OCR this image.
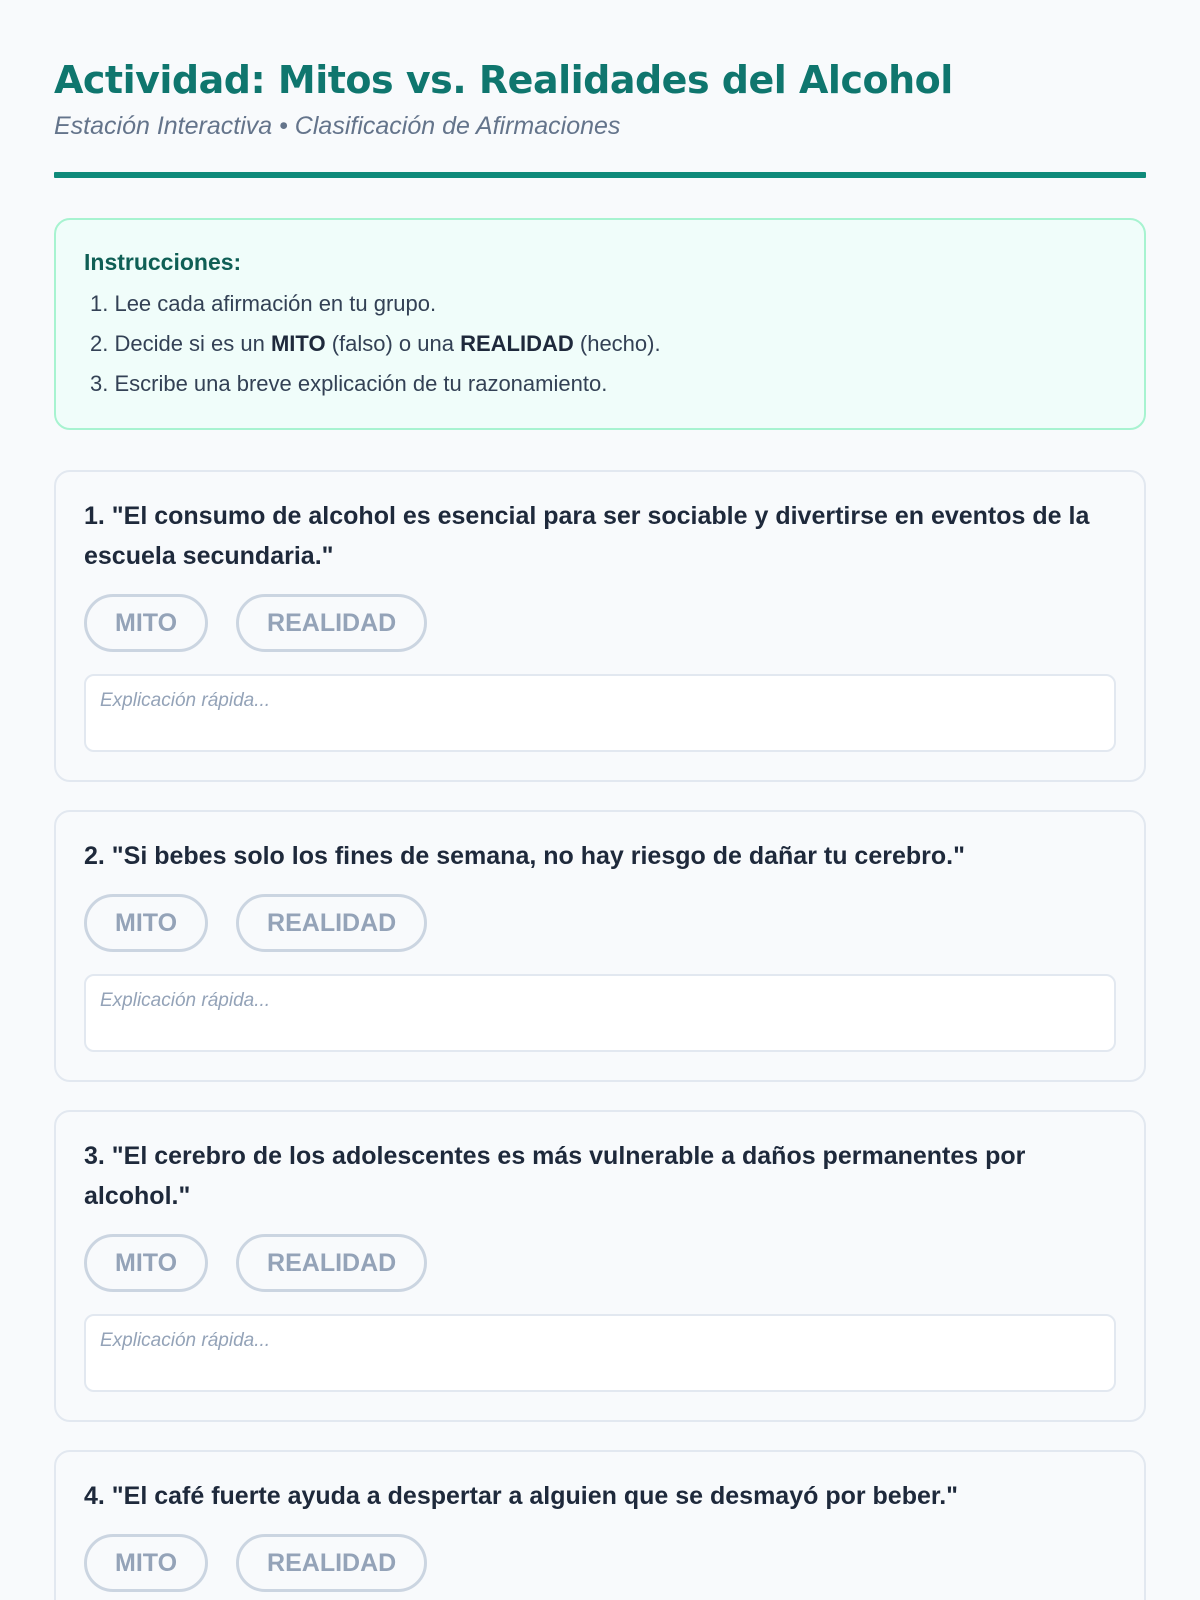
Actividad: Mitos vs. Realidades del Alcohol
Estación Interactiva • Clasificación de Afirmaciones
Instrucciones:
1. Lee cada afirmación en tu grupo.
2. Decide si es un MITO (falso) o una REALIDAD (hecho).
3. Escribe una breve explicación de tu razonamiento.
1. "El consumo de alcohol es esencial para ser sociable y divertirse en eventos de la escuela secundaria."
MITO	REALIDAD
Explicación rápida...
2. "Si bebes solo los fines de semana, no hay riesgo de dañar tu cerebro."
MITO	REALIDAD
Explicación rápida...
3. "El cerebro de los adolescentes es más vulnerable a daños permanentes por alcohol."
MITO	REALIDAD
Explicación rápida...
4. "El café fuerte ayuda a despertar a alguien que se desmayó por beber."
MITO	REALIDAD
